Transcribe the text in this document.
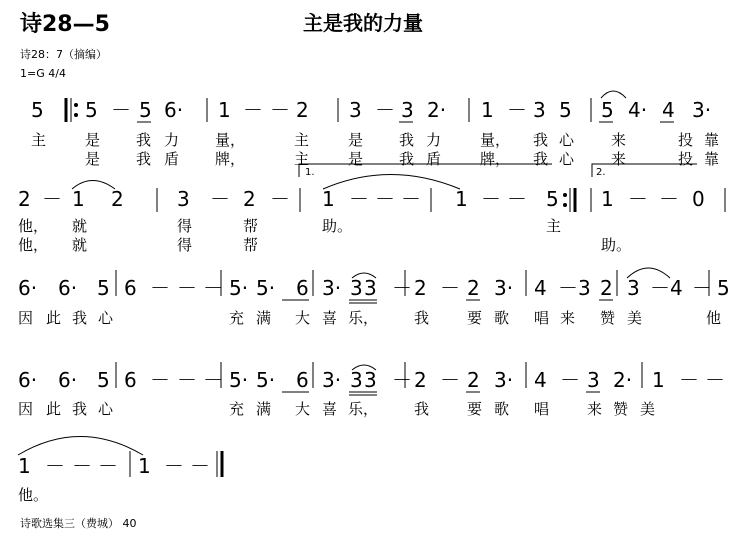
诗28—5	主是我的力量
诗28：7（摘编）
1=G 4/4
5 5 － 5 6· 1 － － 2 3 － 3 2· 1 － 3 5 5 4· 4 3·
主	是 我 力 量，	主	是 我 力	量， 我 心 来	投 靠
是 我 盾 牌，	主	是 我 盾	牌， 我 心 来	投 靠
2 － 1 2	3 － 2 － 1 － － － 1 － － 5 1 － － 0
1.	2.
他， 就	得	帮	助。	主
他， 就	得	帮	助。
6· 6· 5 6 － － － 5· 5· 6 3· 3 3 － 2 － 2 3· 4 －3 2 3 －4 － 5
因 此 我 心	充 满 大 喜 乐， 我	要 歌 唱 来 赞 美	他
6· 6· 5 6 － － － 5· 5· 6 3· 3 3 － 2 － 2 3· 4 － 3 2· 1 － －
因 此 我 心	充 满 大 喜 乐， 我	要 歌 唱	来 赞 美
1 － － － 1 － －
他。
诗歌选集三（费城） 40
